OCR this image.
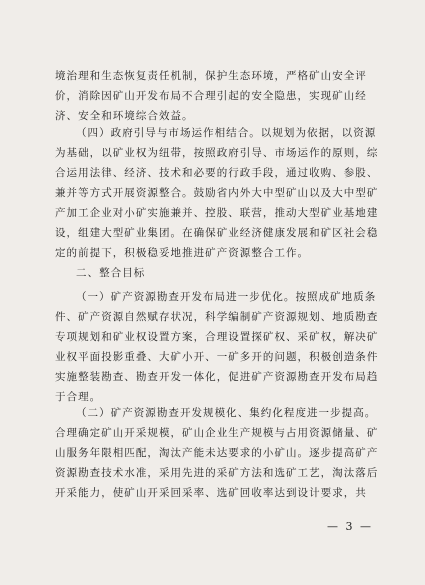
境治理和生态恢复责任机制，保护生态环境，严格矿山安全评
价，消除因矿山开发布局不合理引起的安全隐患，实现矿山经
济、安全和环境综合效益。
（四）政府引导与市场运作相结合。以规划为依据，以资源
为基础，以矿业权为纽带，按照政府引导、市场运作的原则，综
合运用法律、经济、技术和必要的行政手段，通过收购、参股、
兼并等方式开展资源整合。鼓励省内外大中型矿山以及大中型矿
产加工企业对小矿实施兼并、控股、联营，推动大型矿业基地建
设，组建大型矿业集团。在确保矿业经济健康发展和矿区社会稳
定的前提下，积极稳妥地推进矿产资源整合工作。
二、整合目标
（一）矿产资源勘查开发布局进一步优化。按照成矿地质条
件、矿产资源自然赋存状况，科学编制矿产资源规划、地质勘查
专项规划和矿业权设置方案，合理设置探矿权、采矿权，解决矿
业权平面投影重叠、大矿小开、一矿多开的问题，积极创造条件
实施整装勘查、勘查开发一体化，促进矿产资源勘查开发布局趋
于合理。
（二）矿产资源勘查开发规模化、集约化程度进一步提高。
合理确定矿山开采规模，矿山企业生产规模与占用资源储量、矿
山服务年限相匹配，淘汰产能未达要求的小矿山。逐步提高矿产
资源勘查技术水准，采用先进的采矿方法和选矿工艺，淘汰落后
开采能力，使矿山开采回采率、选矿回收率达到设计要求，共
— 3 —
